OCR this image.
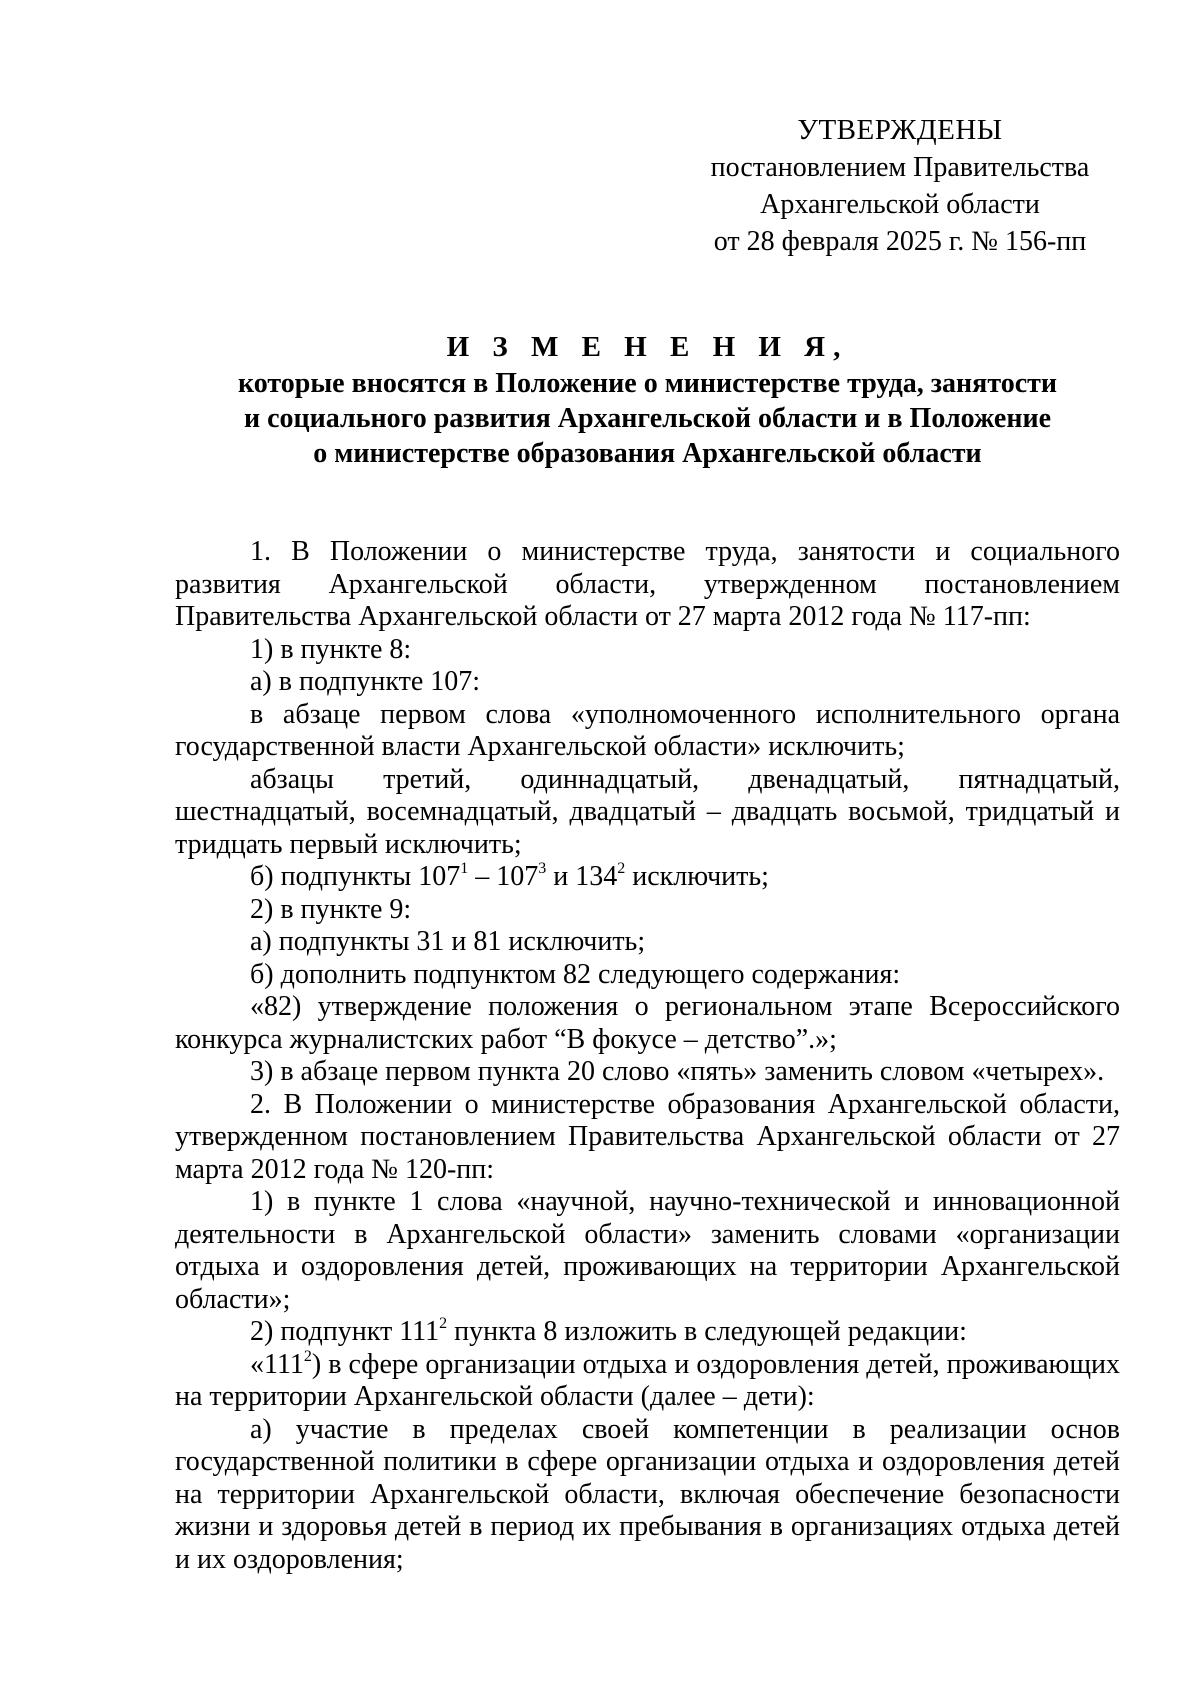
УТВЕРЖДЕНЫ
постановлением Правительства
Архангельской области
от 28 февраля 2025 г. № 156-пп
И З М Е Н Е Н И Я,
которые вносятся в Положение о министерстве труда, занятости
и социального развития Архангельской области и в Положение
о министерстве образования Архангельской области

1. В Положении о министерстве труда, занятости и социального развития Архангельской области, утвержденном постановлением Правительства Архангельской области от 27 марта 2012 года № 117-пп:

1) в пункте 8:

а) в подпункте 107:

в абзаце первом слова «уполномоченного исполнительного органа государственной власти Архангельской области» исключить;

абзацы третий, одиннадцатый, двенадцатый, пятнадцатый, шестнадцатый, восемнадцатый, двадцатый – двадцать восьмой, тридцатый и тридцать первый исключить;

б) подпункты $107^1 - 107^3$ и $134^2$ исключить;

2) в пункте 9:

а) подпункты 31 и 81 исключить;

б) дополнить подпунктом 82 следующего содержания:

«82) утверждение положения о региональном этапе Всероссийского конкурса журналистских работ “В фокусе – детство”.»;

3) в абзаце первом пункта 20 слово «пять» заменить словом «четырех».

2. В Положении о министерстве образования Архангельской области, утвержденном постановлением Правительства Архангельской области от 27 марта 2012 года № 120-пп:

1) в пункте 1 слова «научной, научно-технической и инновационной деятельности в Архангельской области» заменить словами «организации отдыха и оздоровления детей, проживающих на территории Архангельской области»;

2) подпункт $111^2$ пункта 8 изложить в следующей редакции:

«$111^2$) в сфере организации отдыха и оздоровления детей, проживающих на территории Архангельской области (далее – дети):

а) участие в пределах своей компетенции в реализации основ государственной политики в сфере организации отдыха и оздоровления детей на территории Архангельской области, включая обеспечение безопасности жизни и здоровья детей в период их пребывания в организациях отдыха детей и их оздоровления;
